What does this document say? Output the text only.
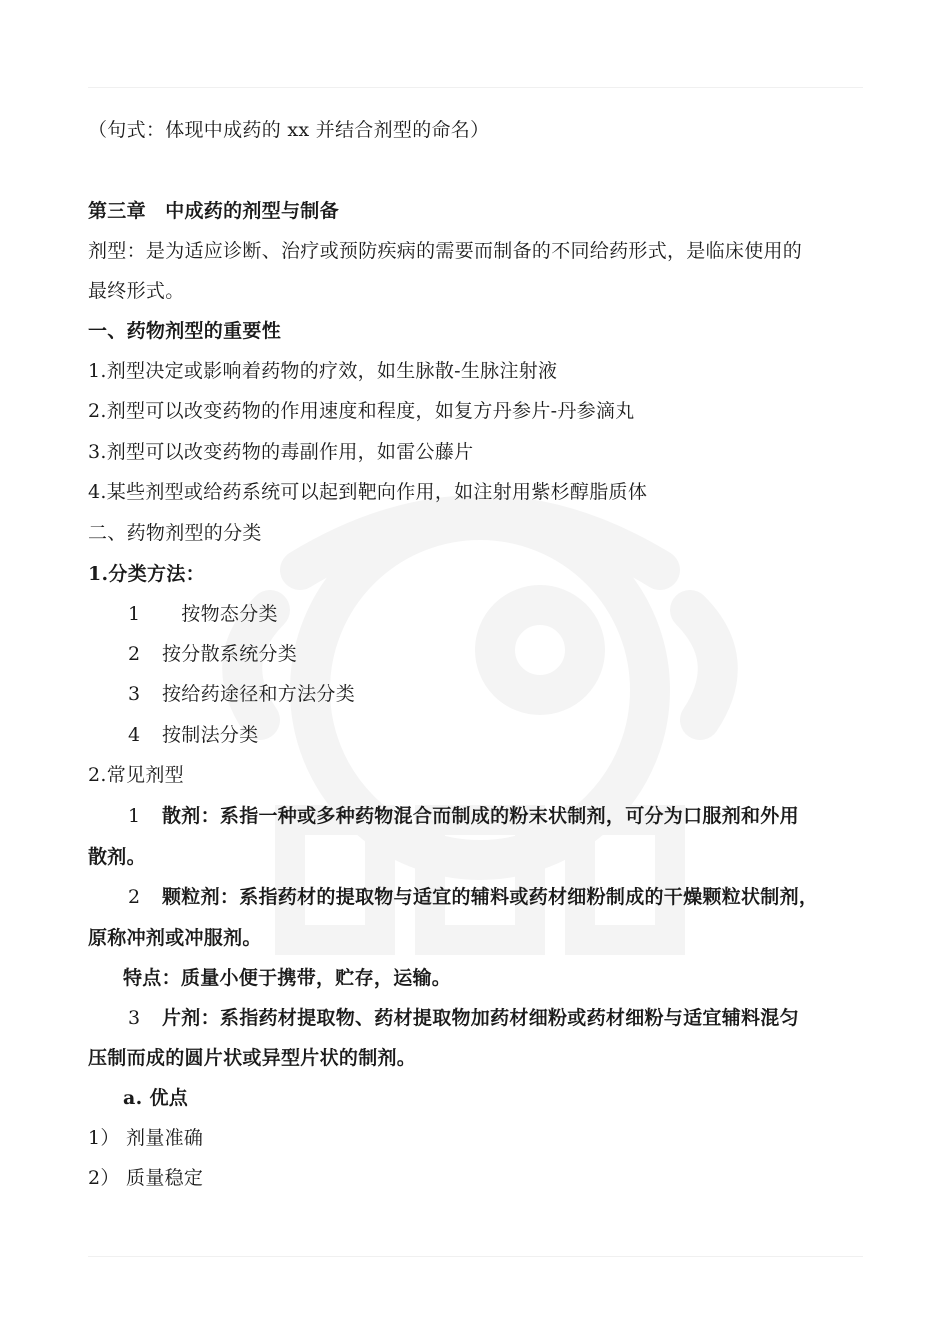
（句式：体现中成药的 xx 并结合剂型的命名）
第三章　中成药的剂型与制备
剂型：是为适应诊断、治疗或预防疾病的需要而制备的不同给药形式，是临床使用的
最终形式。
一、药物剂型的重要性
1.剂型决定或影响着药物的疗效，如生脉散-生脉注射液
2.剂型可以改变药物的作用速度和程度，如复方丹参片-丹参滴丸
3.剂型可以改变药物的毒副作用，如雷公藤片
4.某些剂型或给药系统可以起到靶向作用，如注射用紫杉醇脂质体
二、药物剂型的分类
1.分类方法：
1　按物态分类
2 按分散系统分类
3 按给药途径和方法分类
4 按制法分类
2.常见剂型
1 散剂：系指一种或多种药物混合而制成的粉末状制剂，可分为口服剂和外用
散剂。
2 颗粒剂：系指药材的提取物与适宜的辅料或药材细粉制成的干燥颗粒状制剂，
原称冲剂或冲服剂。
特点：质量小便于携带，贮存，运输。
3 片剂：系指药材提取物、药材提取物加药材细粉或药材细粉与适宜辅料混匀
压制而成的圆片状或异型片状的制剂。
a. 优点
1） 剂量准确
2） 质量稳定
